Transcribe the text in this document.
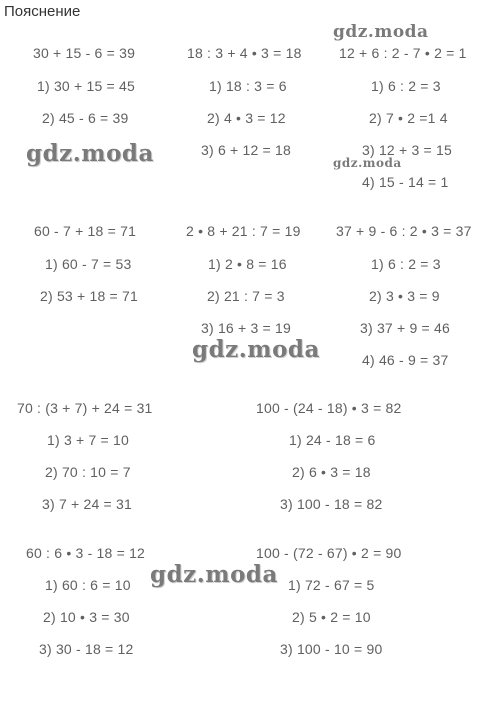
Пояснение
30 + 15 - 6 = 39
1) 30 + 15 = 45
2) 45 - 6 = 39
18 : 3 + 4 • 3 = 18
1) 18 : 3 = 6
2) 4 • 3 = 12
3) 6 + 12 = 18
12 + 6 : 2 - 7 • 2 = 1
1) 6 : 2 = 3
2) 7 • 2 =1 4
3) 12 + 3 = 15
4) 15 - 14 = 1
60 - 7 + 18 = 71
1) 60 - 7 = 53
2) 53 + 18 = 71
2 • 8 + 21 : 7 = 19
1) 2 • 8 = 16
2) 21 : 7 = 3
3) 16 + 3 = 19
37 + 9 - 6 : 2 • 3 = 37
1) 6 : 2 = 3
2) 3 • 3 = 9
3) 37 + 9 = 46
4) 46 - 9 = 37
70 : (3 + 7) + 24 = 31
1) 3 + 7 = 10
2) 70 : 10 = 7
3) 7 + 24 = 31
100 - (24 - 18) • 3 = 82
1) 24 - 18 = 6
2) 6 • 3 = 18
3) 100 - 18 = 82
60 : 6 • 3 - 18 = 12
1) 60 : 6 = 10
2) 10 • 3 = 30
3) 30 - 18 = 12
100 - (72 - 67) • 2 = 90
1) 72 - 67 = 5
2) 5 • 2 = 10
3) 100 - 10 = 90
gdz.moda
gdz.moda	gdz.moda
gdz.moda
gdz.moda
